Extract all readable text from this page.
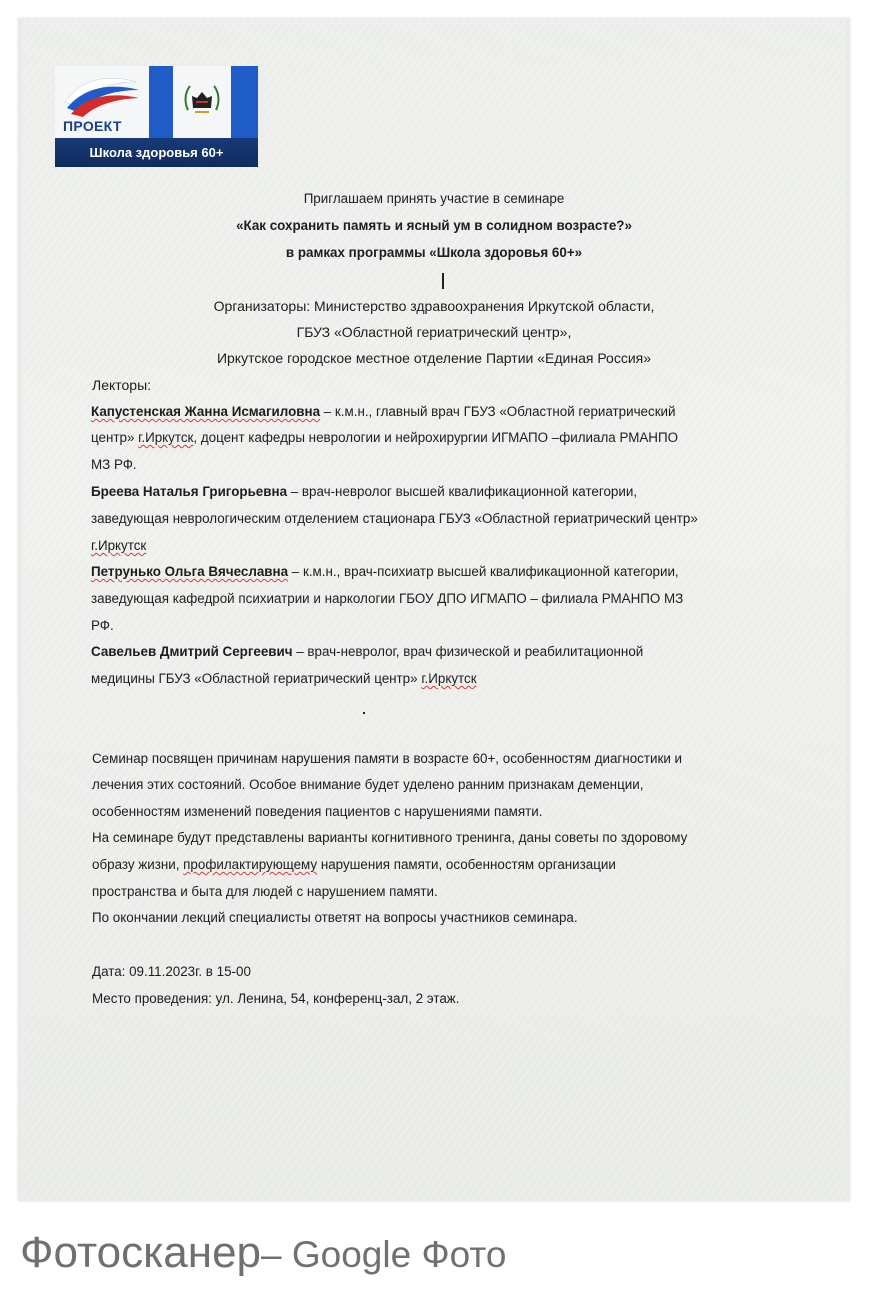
ПРОЕКТ
Школа здоровья 60+
Приглашаем принять участие в семинаре
«Как сохранить память и ясный ум в солидном возрасте?»
в рамках программы «Школа здоровья 60+»
Организаторы: Министерство здравоохранения Иркутской области,
ГБУЗ «Областной гериатрический центр»,
Иркутское городское местное отделение Партии «Единая Россия»
Лекторы:
Капустенская Жанна Исмагиловна – к.м.н., главный врач ГБУЗ «Областной гериатрический
центр» г.Иркутск, доцент кафедры неврологии и нейрохирургии ИГМАПО –филиала РМАНПО
МЗ РФ.
Бреева Наталья Григорьевна – врач-невролог высшей квалификационной категории,
заведующая неврологическим отделением стационара ГБУЗ «Областной гериатрический центр»
г.Иркутск
Петрунько Ольга Вячеславна – к.м.н., врач-психиатр высшей квалификационной категории,
заведующая кафедрой психиатрии и наркологии ГБОУ ДПО ИГМАПО – филиала РМАНПО МЗ
РФ.
Савельев Дмитрий Сергеевич – врач-невролог, врач физической и реабилитационной
медицины ГБУЗ «Областной гериатрический центр» г.Иркутск
Семинар посвящен причинам нарушения памяти в возрасте 60+, особенностям диагностики и
лечения этих состояний. Особое внимание будет уделено ранним признакам деменции,
особенностям изменений поведения пациентов с нарушениями памяти.
На семинаре будут представлены варианты когнитивного тренинга, даны советы по здоровому
образу жизни, профилактирующему нарушения памяти, особенностям организации
пространства и быта для людей с нарушением памяти.
По окончании лекций специалисты ответят на вопросы участников семинара.
Дата: 09.11.2023г. в 15-00
Место проведения: ул. Ленина, 54, конференц-зал, 2 этаж.
Фотосканер– Google Фото
